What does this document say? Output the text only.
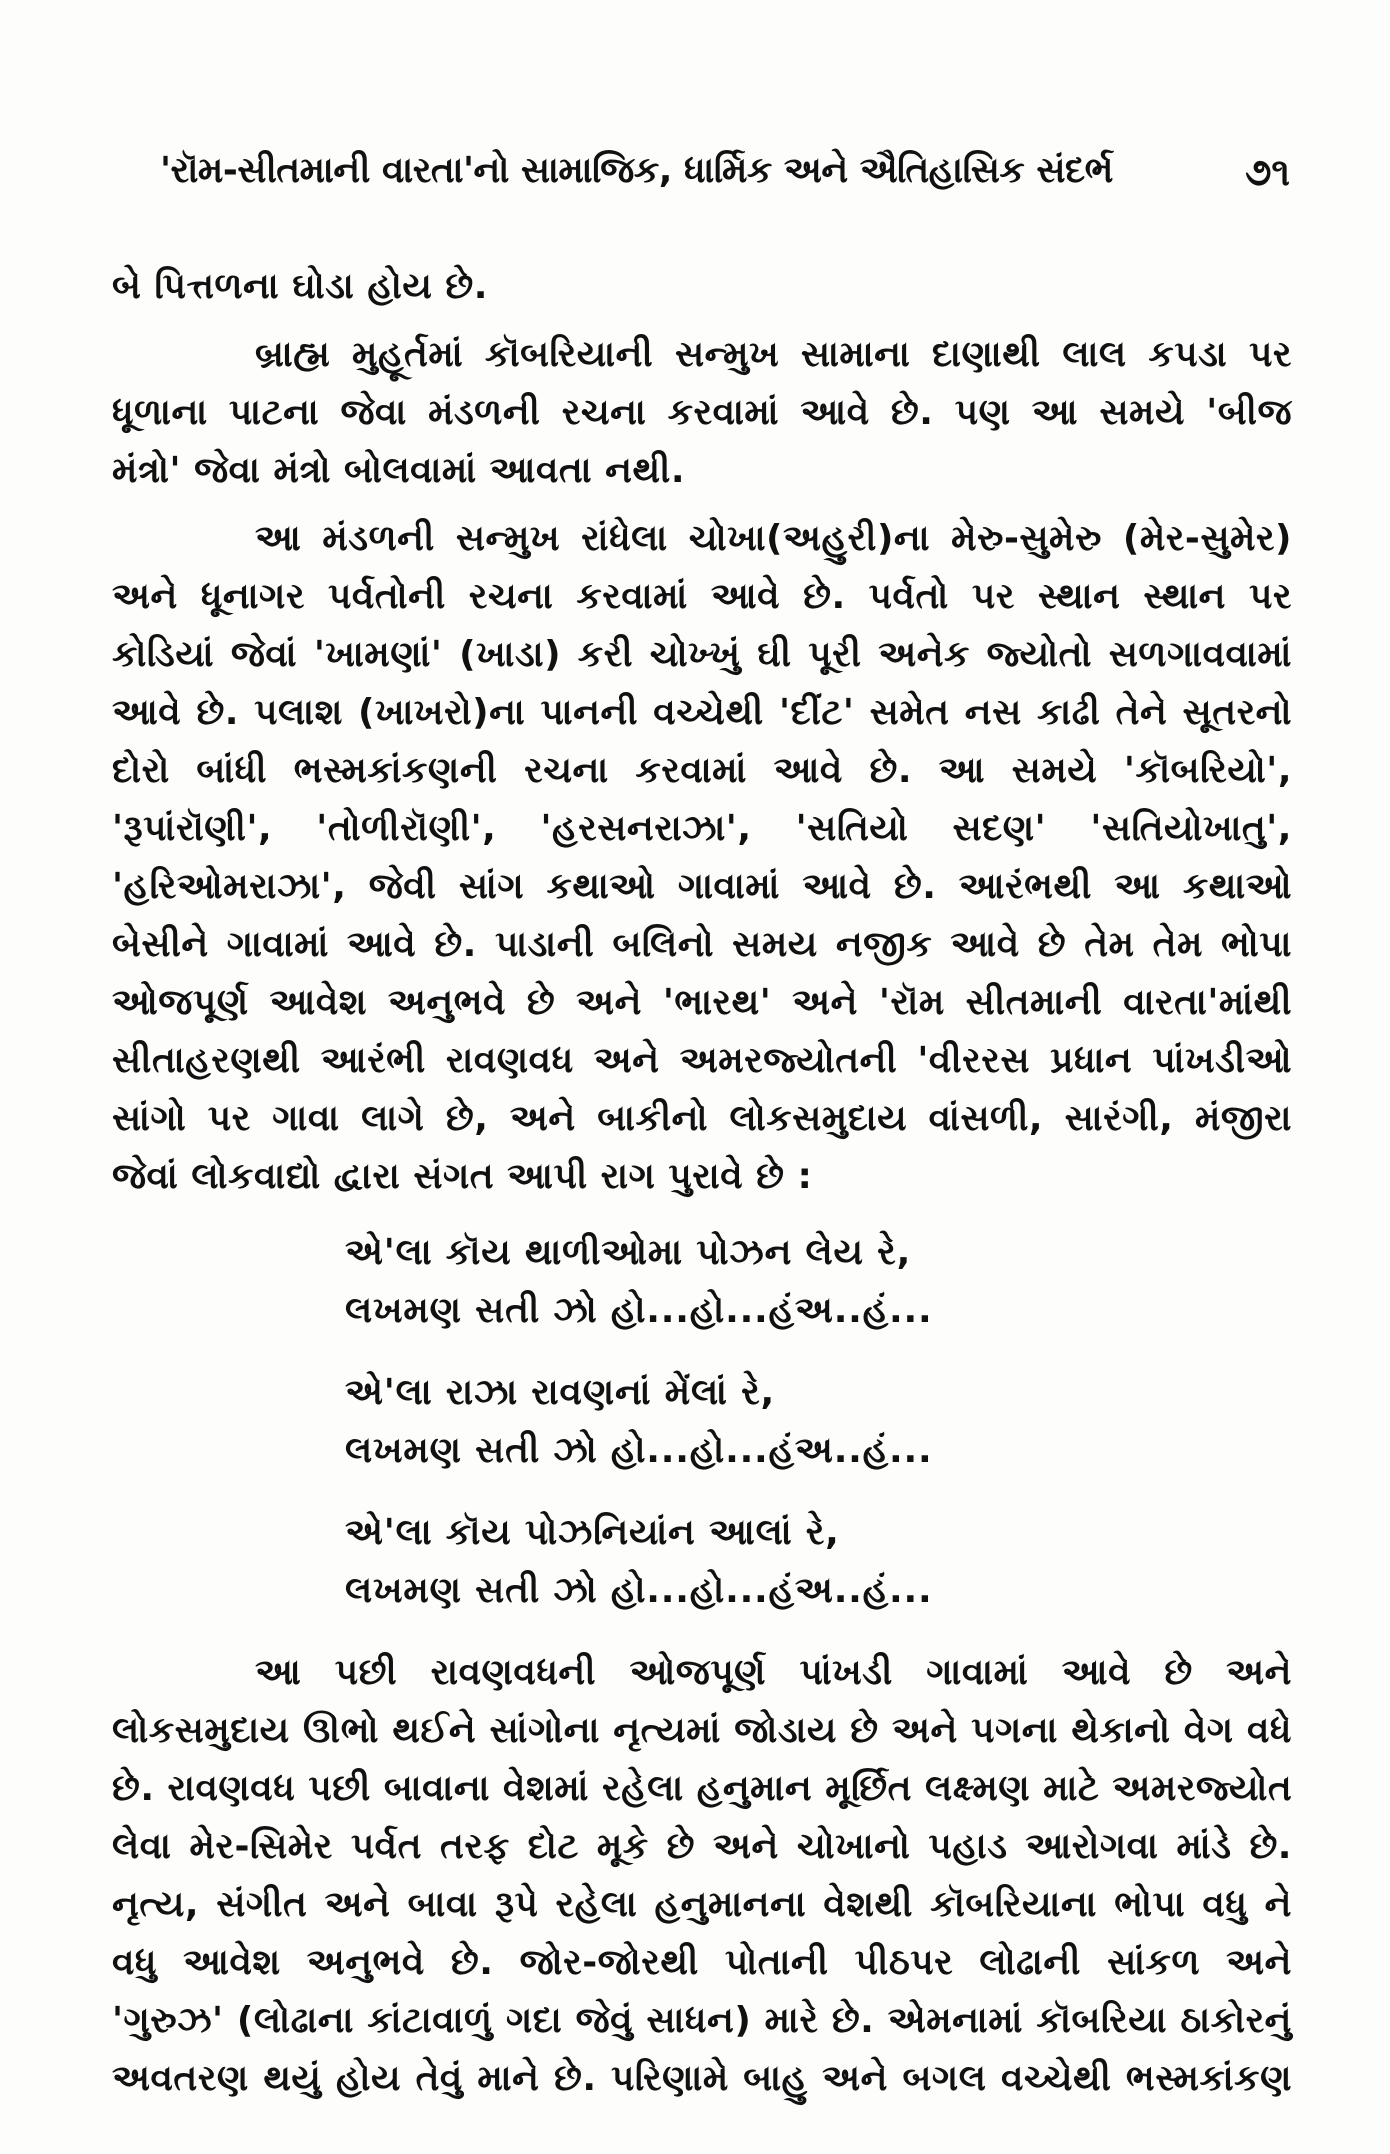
'રૉમ-સીતમાની વારતા'નો સામાજિક, ધાર્મિક અને ઐતિહાસિક સંદર્ભ	૭૧
બે પિત્તળના ઘોડા હોય છે.
બ્રાહ્મ મુહૂર્તમાં કૉબરિયાની સન્મુખ સામાના દાણાથી લાલ કપડા પર
ધૂળાના પાટના જેવા મંડળની રચના કરવામાં આવે છે. પણ આ સમયે 'બીજ
મંત્રો' જેવા મંત્રો બોલવામાં આવતા નથી.
આ મંડળની સન્મુખ રાંધેલા ચોખા(અહુરી)ના મેરુ-સુમેરુ (મેર-સુમેર)
અને ધૂનાગર પર્વતોની રચના કરવામાં આવે છે. પર્વતો પર સ્થાન સ્થાન પર
કોડિયાં જેવાં 'ખામણાં' (ખાડા) કરી ચોખ્ખું ઘી પૂરી અનેક જ્યોતો સળગાવવામાં
આવે છે. પલાશ (ખાખરો)ના પાનની વચ્ચેથી 'દીંટ' સમેત નસ કાઢી તેને સૂતરનો
દોરો બાંધી ભસ્મકાંકણની રચના કરવામાં આવે છે. આ સમયે 'કૉબરિયો',
'રૂપાંરૉણી', 'તોળીરૉણી', 'હરસનરાઝા', 'સતિયો સદણ' 'સતિયોખાતુ',
'હરિઓમરાઝા', જેવી સાંગ કથાઓ ગાવામાં આવે છે. આરંભથી આ કથાઓ
બેસીને ગાવામાં આવે છે. પાડાની બલિનો સમય નજીક આવે છે તેમ તેમ ભોપા
ઓજપૂર્ણ આવેશ અનુભવે છે અને 'ભારથ' અને 'રૉમ સીતમાની વારતા'માંથી
સીતાહરણથી આરંભી રાવણવધ અને અમરજ્યોતની 'વીરરસ પ્રધાન પાંખડીઓ
સાંગો પર ગાવા લાગે છે, અને બાકીનો લોકસમુદાય વાંસળી, સારંગી, મંજીરા
જેવાં લોકવાદ્યો દ્વારા સંગત આપી રાગ પુરાવે છે :
એ'લા કૉય થાળીઓમા પોઝન લેય રે,
લખમણ સતી ઝો હો...હો...હંઅ..હં...
એ'લા રાઝા રાવણનાં મેંલાં રે,
લખમણ સતી ઝો હો...હો...હંઅ..હં...
એ'લા કૉય પોઝનિયાંન આલાં રે,
લખમણ સતી ઝો હો...હો...હંઅ..હં...
આ પછી રાવણવધની ઓજપૂર્ણ પાંખડી ગાવામાં આવે છે અને
લોકસમુદાય ઊભો થઈને સાંગોના નૃત્યમાં જોડાય છે અને પગના થેકાનો વેગ વધે
છે. રાવણવધ પછી બાવાના વેશમાં રહેલા હનુમાન મૂર્છિત લક્ષ્મણ માટે અમરજ્યોત
લેવા મેર-સિમેર પર્વત તરફ દોટ મૂકે છે અને ચોખાનો પહાડ આરોગવા માંડે છે.
નૃત્ય, સંગીત અને બાવા રૂપે રહેલા હનુમાનના વેશથી કૉબરિયાના ભોપા વધુ ને
વધુ આવેશ અનુભવે છે. જોર-જોરથી પોતાની પીઠપર લોઢાની સાંકળ અને
'ગુરુઝ' (લોઢાના કાંટાવાળું ગદા જેવું સાધન) મારે છે. એમનામાં કૉબરિયા ઠાકોરનું
અવતરણ થયું હોય તેવું માને છે. પરિણામે બાહુ અને બગલ વચ્ચેથી ભસ્મકાંકણ
